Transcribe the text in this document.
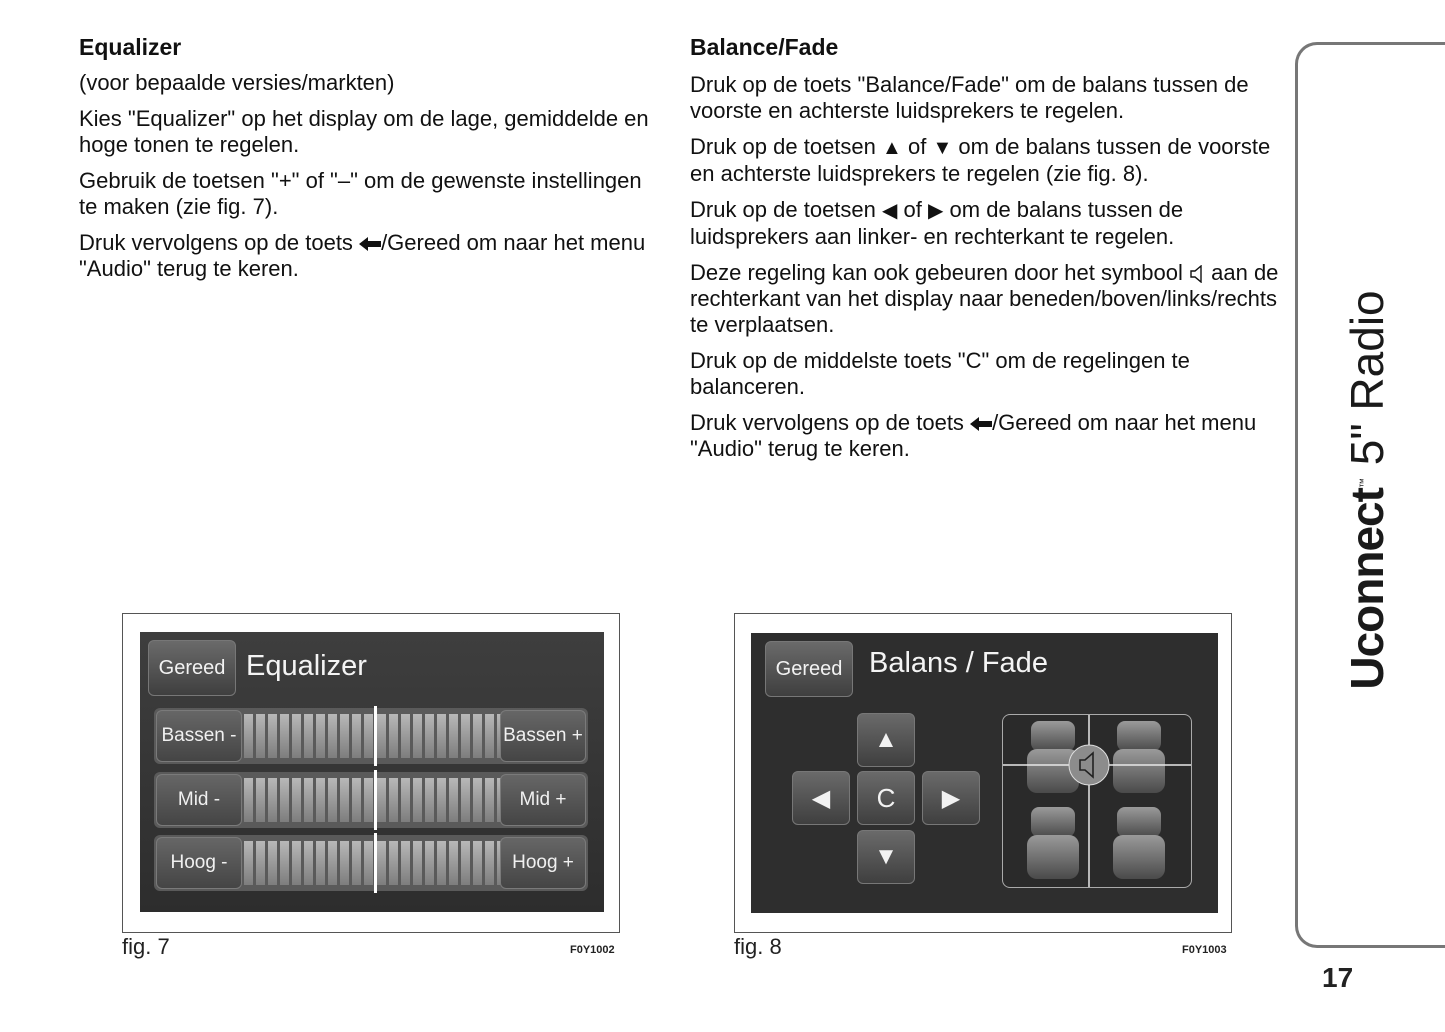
Equalizer

(voor bepaalde versies/markten)

Kies "Equalizer" op het display om de lage, gemiddelde en hoge tonen te regelen.

Gebruik de toetsen "+" of "–" om de gewenste instellingen te maken (zie fig. 7).

Druk vervolgens op de toets /Gereed om naar het menu "Audio" terug te keren.

Balance/Fade

Druk op de toets "Balance/Fade" om de balans tussen de voorste en achterste luidsprekers te regelen.

Druk op de toetsen ▲ of ▼ om de balans tussen de voorste en achterste luidsprekers te regelen (zie fig. 8).

Druk op de toetsen ◀ of ▶ om de balans tussen de luidsprekers aan linker- en rechterkant te regelen.

Deze regeling kan ook gebeuren door het symbool aan de rechterkant van het display naar beneden/boven/links/rechts te verplaatsen.

Druk op de middelste toets "C" om de regelingen te balanceren.

Druk vervolgens op de toets /Gereed om naar het menu "Audio" terug te keren.

Gereed Equalizer
Bassen -	Bassen +
Mid -	Mid +
Hoog -	Hoog +
fig. 7	F0Y1002
Gereed Balans / Fade
▲
◀	C	▶
▼
fig. 8	F0Y1003
Uconnect™ 5" Radio
17
